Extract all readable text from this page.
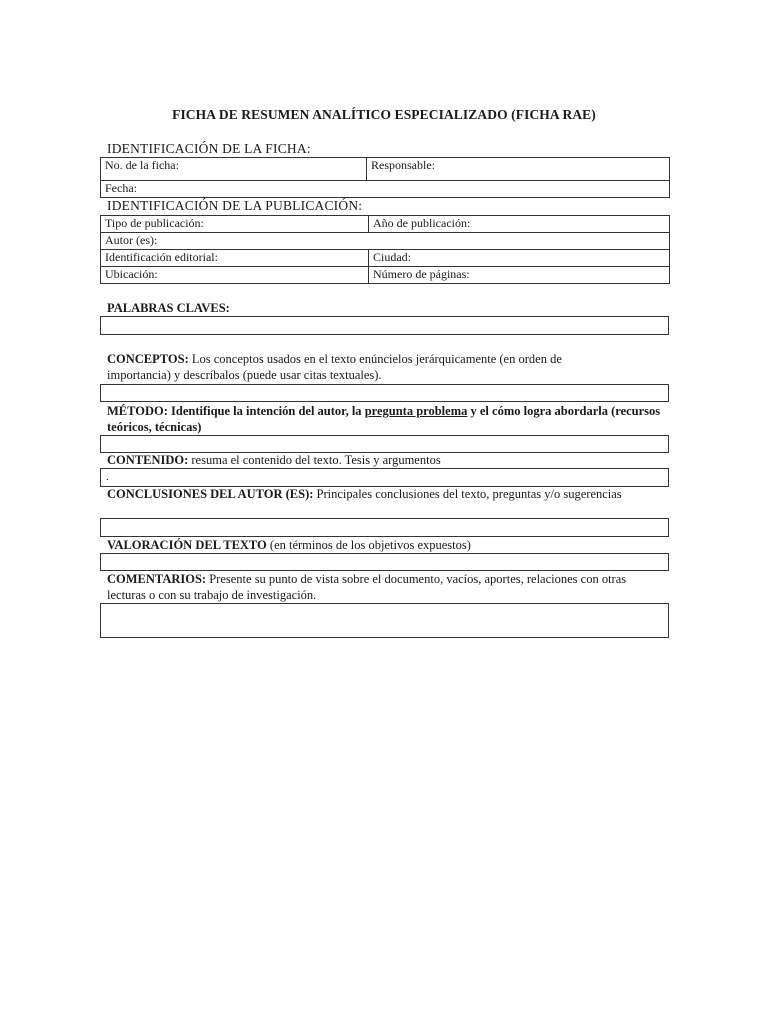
FICHA DE RESUMEN ANALÍTICO ESPECIALIZADO (FICHA RAE)
IDENTIFICACIÓN DE LA FICHA:
No. de la ficha:	Responsable:
Fecha:
IDENTIFICACIÓN DE LA PUBLICACIÓN:
Tipo de publicación:	Año de publicación:
Autor (es):	
Identificación editorial:	Ciudad:
Ubicación:	Número de páginas:
PALABRAS CLAVES:
CONCEPTOS: Los conceptos usados en el texto enúncielos jerárquicamente (en orden de importancia) y descríbalos (puede usar citas textuales).
MÉTODO: Identifique la intención del autor, la pregunta problema y el cómo logra abordarla (recursos teóricos, técnicas)
CONTENIDO: resuma el contenido del texto. Tesis y argumentos
.
CONCLUSIONES DEL AUTOR (ES): Principales conclusiones del texto, preguntas y/o sugerencias
VALORACIÓN DEL TEXTO (en términos de los objetivos expuestos)
COMENTARIOS: Presente su punto de vista sobre el documento, vacíos, aportes, relaciones con otras lecturas o con su trabajo de investigación.
